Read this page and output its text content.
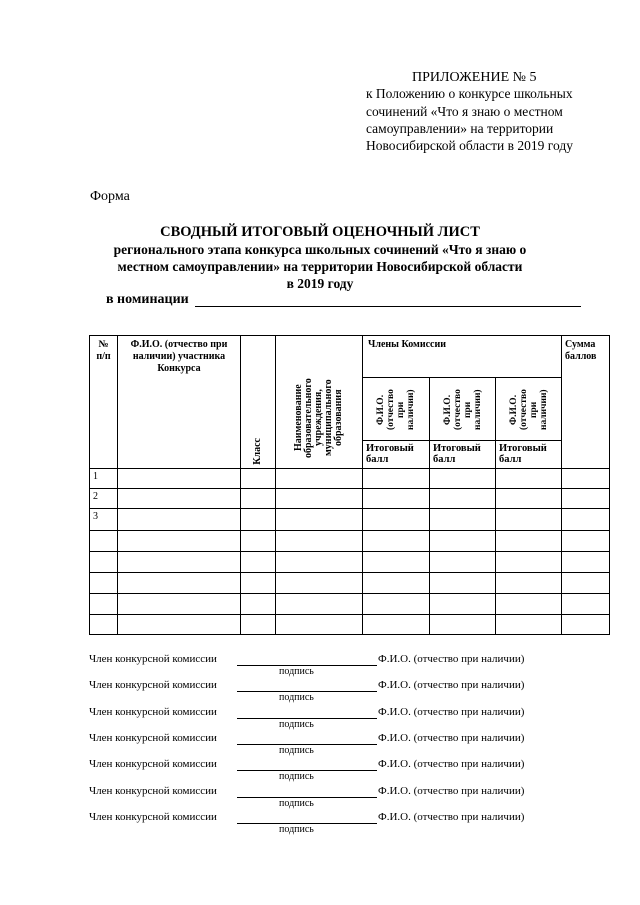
ПРИЛОЖЕНИЕ № 5
к Положению о конкурсе школьных
сочинений «Что я знаю о местном
самоуправлении» на территории
Новосибирской области в 2019 году
Форма
СВОДНЫЙ ИТОГОВЫЙ ОЦЕНОЧНЫЙ ЛИСТ
регионального этапа конкурса школьных сочинений «Что я знаю о
местном самоуправлении» на территории Новосибирской области
в 2019 году
в номинации
№ п/п	Ф.И.О. (отчество при наличии) участника Конкурса	Класс	Наименование образовательного учреждения, муниципального образования	Члены Комиссии			Сумма баллов

				Ф.И.О. (отчество при наличии)	Ф.И.О. (отчество при наличии)	Ф.И.О. (отчество при наличии)	

				Итоговый балл	Итоговый балл	Итоговый балл	

1							
2							
3							

Член конкурсной комиссии	Ф.И.О. (отчество при наличии)
подпись
Член конкурсной комиссии	Ф.И.О. (отчество при наличии)
подпись
Член конкурсной комиссии	Ф.И.О. (отчество при наличии)
подпись
Член конкурсной комиссии	Ф.И.О. (отчество при наличии)
подпись
Член конкурсной комиссии	Ф.И.О. (отчество при наличии)
подпись
Член конкурсной комиссии	Ф.И.О. (отчество при наличии)
подпись
Член конкурсной комиссии	Ф.И.О. (отчество при наличии)
подпись
